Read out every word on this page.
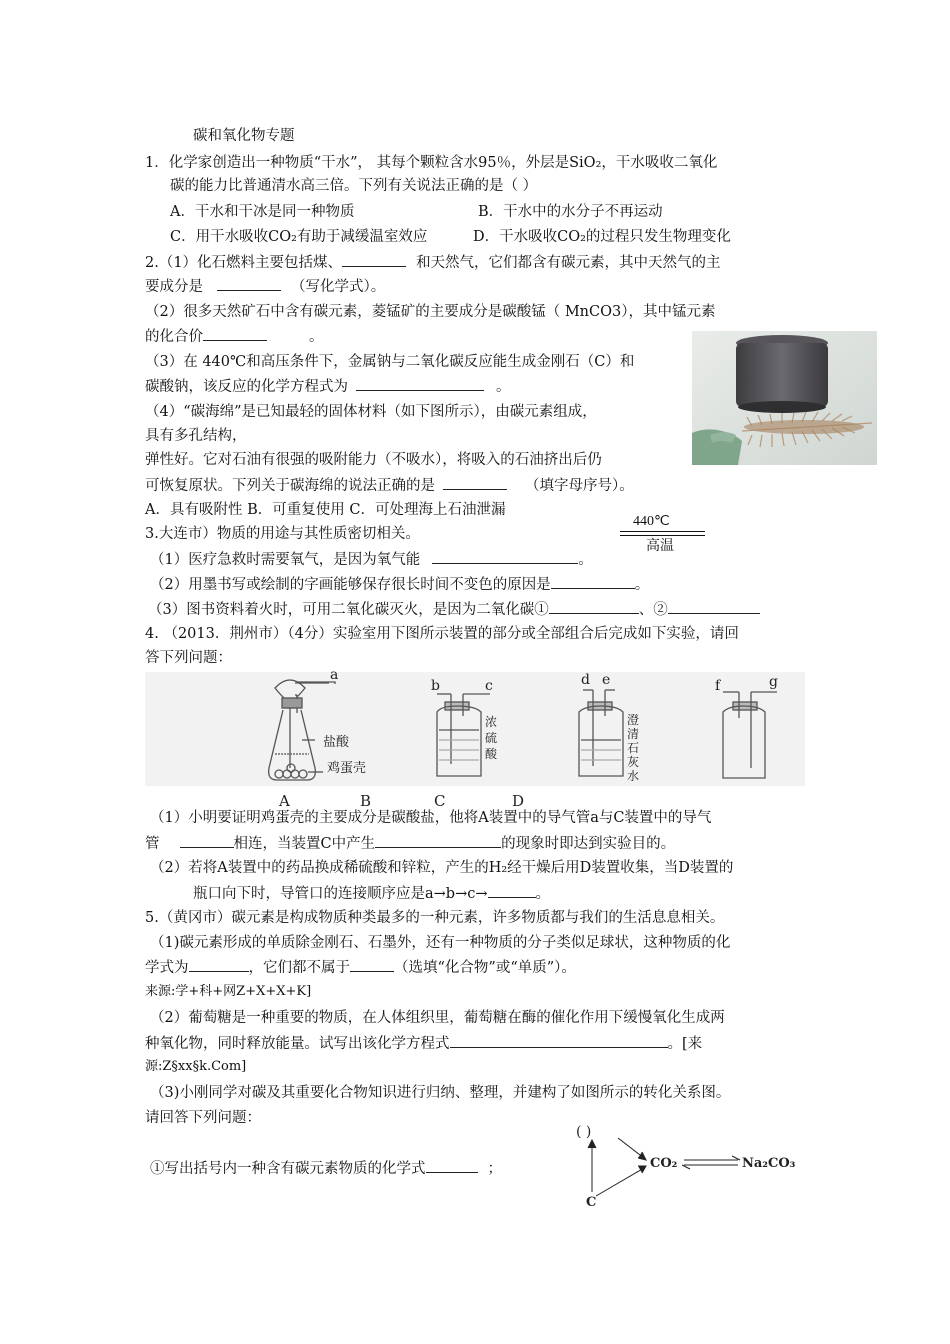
碳和氧化物专题
1．化学家创造出一种物质“干水”， 其每个颗粒含水95％，外层是SiO₂，干水吸收二氧化
碳的能力比普通清水高三倍。下列有关说法正确的是（ ）
A．干水和干冰是同一种物质	B．干水中的水分子不再运动
C．用干水吸收CO₂有助于减缓温室效应	D．干水吸收CO₂的过程只发生物理变化
2.（1）化石燃料主要包括煤、	和天然气，它们都含有碳元素，其中天然气的主
要成分是	（写化学式）。
（2）很多天然矿石中含有碳元素，菱锰矿的主要成分是碳酸锰（ MnCO3），其中锰元素
的化合价	。
（3）在 440℃和高压条件下，金属钠与二氧化碳反应能生成金刚石（C）和
碳酸钠，该反应的化学方程式为	。
（4）“碳海绵”是已知最轻的固体材料（如下图所示），由碳元素组成，
具有多孔结构，
弹性好。它对石油有很强的吸附能力（不吸水），将吸入的石油挤出后仍
可恢复原状。下列关于碳海绵的说法正确的是	（填字母序号）。
A．具有吸附性 B．可重复使用 C．可处理海上石油泄漏
440℃
高温
3.大连市）物质的用途与其性质密切相关。
（1）医疗急救时需要氧气，是因为氧气能	。
（2）用墨书写或绘制的字画能够保存很长时间不变色的原因是	。
（3）图书资料着火时，可用二氧化碳灭火，是因为二氧化碳①	、②
4. （2013．荆州市）（4分）实验室用下图所示装置的部分或全部组合后完成如下实验，请回
答下列问题：
a
盐酸
鸡蛋壳
b	c	d e	f	g
浓 硫 酸
澄 清 石 灰 水
A	B	C	D
（1）小明要证明鸡蛋壳的主要成分是碳酸盐，他将A装置中的导气管a与C装置中的导气
管	相连，当装置C中产生	的现象时即达到实验目的。
（2）若将A装置中的药品换成稀硫酸和锌粒，产生的H₂经干燥后用D装置收集，当D装置的
瓶口向下时，导管口的连接顺序应是a→b→c→	。
5.（黄冈市）碳元素是构成物质种类最多的一种元素，许多物质都与我们的生活息息相关。
（1)碳元素形成的单质除金刚石、石墨外，还有一种物质的分子类似足球状，这种物质的化
学式为	，它们都不属于	（选填“化合物”或“单质”）。
来源:学+科+网Z+X+X+K]
（2）葡萄糖是一种重要的物质，在人体组织里，葡萄糖在酶的催化作用下缓慢氧化生成两
种氧化物，同时释放能量。试写出该化学方程式	。[来
源:Z§xx§k.Com]
（3)小刚同学对碳及其重要化合物知识进行归纳、整理，并建构了如图所示的转化关系图。
请回答下列问题：
①写出括号内一种含有碳元素物质的化学式	；
( )
CO₂	Na₂CO₃
C
